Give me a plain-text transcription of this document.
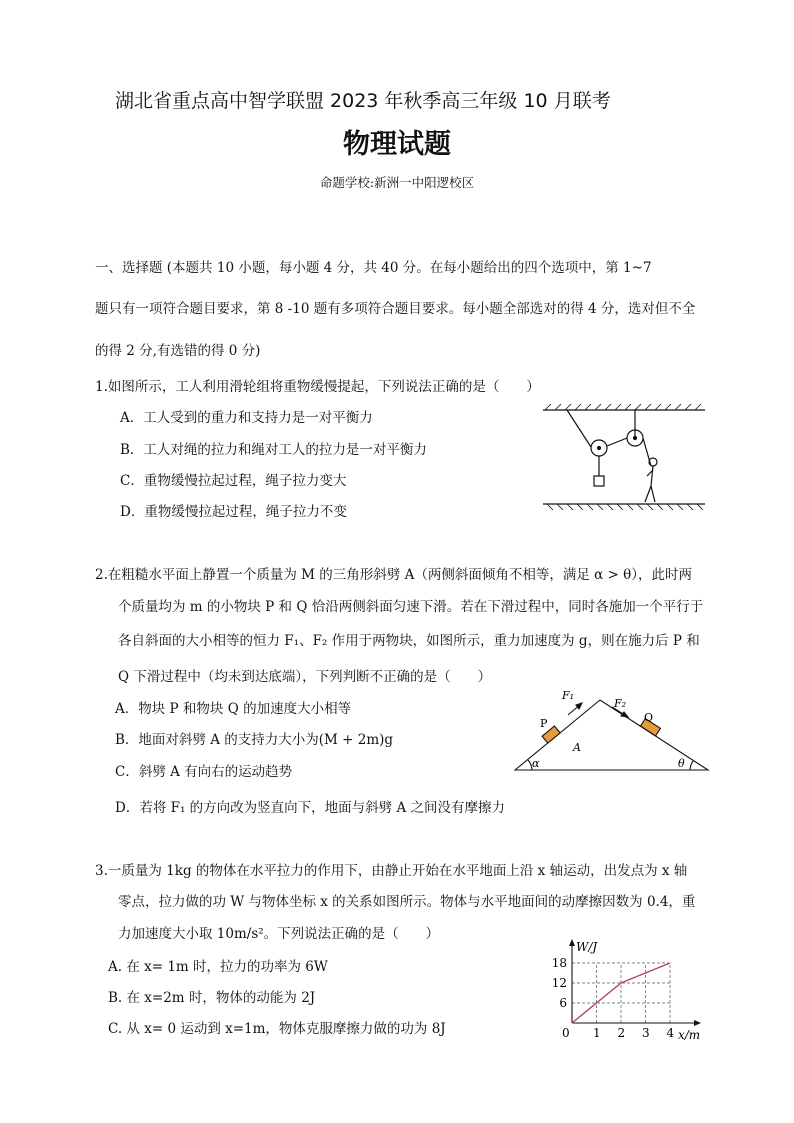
湖北省重点高中智学联盟 2023 年秋季高三年级 10 月联考
物理试题
命题学校:新洲一中阳逻校区
一、选择题 (本题共 10 小题，每小题 4 分，共 40 分。在每小题给出的四个选项中，第 1~7
题只有一项符合题目要求，第 8 -10 题有多项符合题目要求。每小题全部选对的得 4 分，选对但不全
的得 2 分,有选错的得 0 分)
1.如图所示，工人利用滑轮组将重物缓慢提起，下列说法正确的是（　　）
A．工人受到的重力和支持力是一对平衡力
B．工人对绳的拉力和绳对工人的拉力是一对平衡力
C．重物缓慢拉起过程，绳子拉力变大
D．重物缓慢拉起过程，绳子拉力不变
2.在粗糙水平面上静置一个质量为 M 的三角形斜劈 A（两侧斜面倾角不相等，满足 α > θ），此时两
个质量均为 m 的小物块 P 和 Q 恰沿两侧斜面匀速下滑。若在下滑过程中，同时各施加一个平行于
各自斜面的大小相等的恒力 F₁、F₂ 作用于两物块，如图所示，重力加速度为 g，则在施力后 P 和
Q 下滑过程中（均未到达底端），下列判断不正确的是（　　）
A．物块 P 和物块 Q 的加速度大小相等
B．地面对斜劈 A 的支持力大小为(M + 2m)g
C．斜劈 A 有向右的运动趋势
D．若将 F₁ 的方向改为竖直向下，地面与斜劈 A 之间没有摩擦力
F₁
F₂
P	Q
A
α	θ
3.一质量为 1kg 的物体在水平拉力的作用下，由静止开始在水平地面上沿 x 轴运动，出发点为 x 轴
零点，拉力做的功 W 与物体坐标 x 的关系如图所示。物体与水平地面间的动摩擦因数为 0.4，重
力加速度大小取 10m/s²。下列说法正确的是（　　）
A. 在 x= 1m 时，拉力的功率为 6W
B. 在 x=2m 时，物体的动能为 2J
C. 从 x= 0 运动到 x=1m，物体克服摩擦力做的功为 8J	0 1 2 3 4
6
12
18
W/J
x/m
